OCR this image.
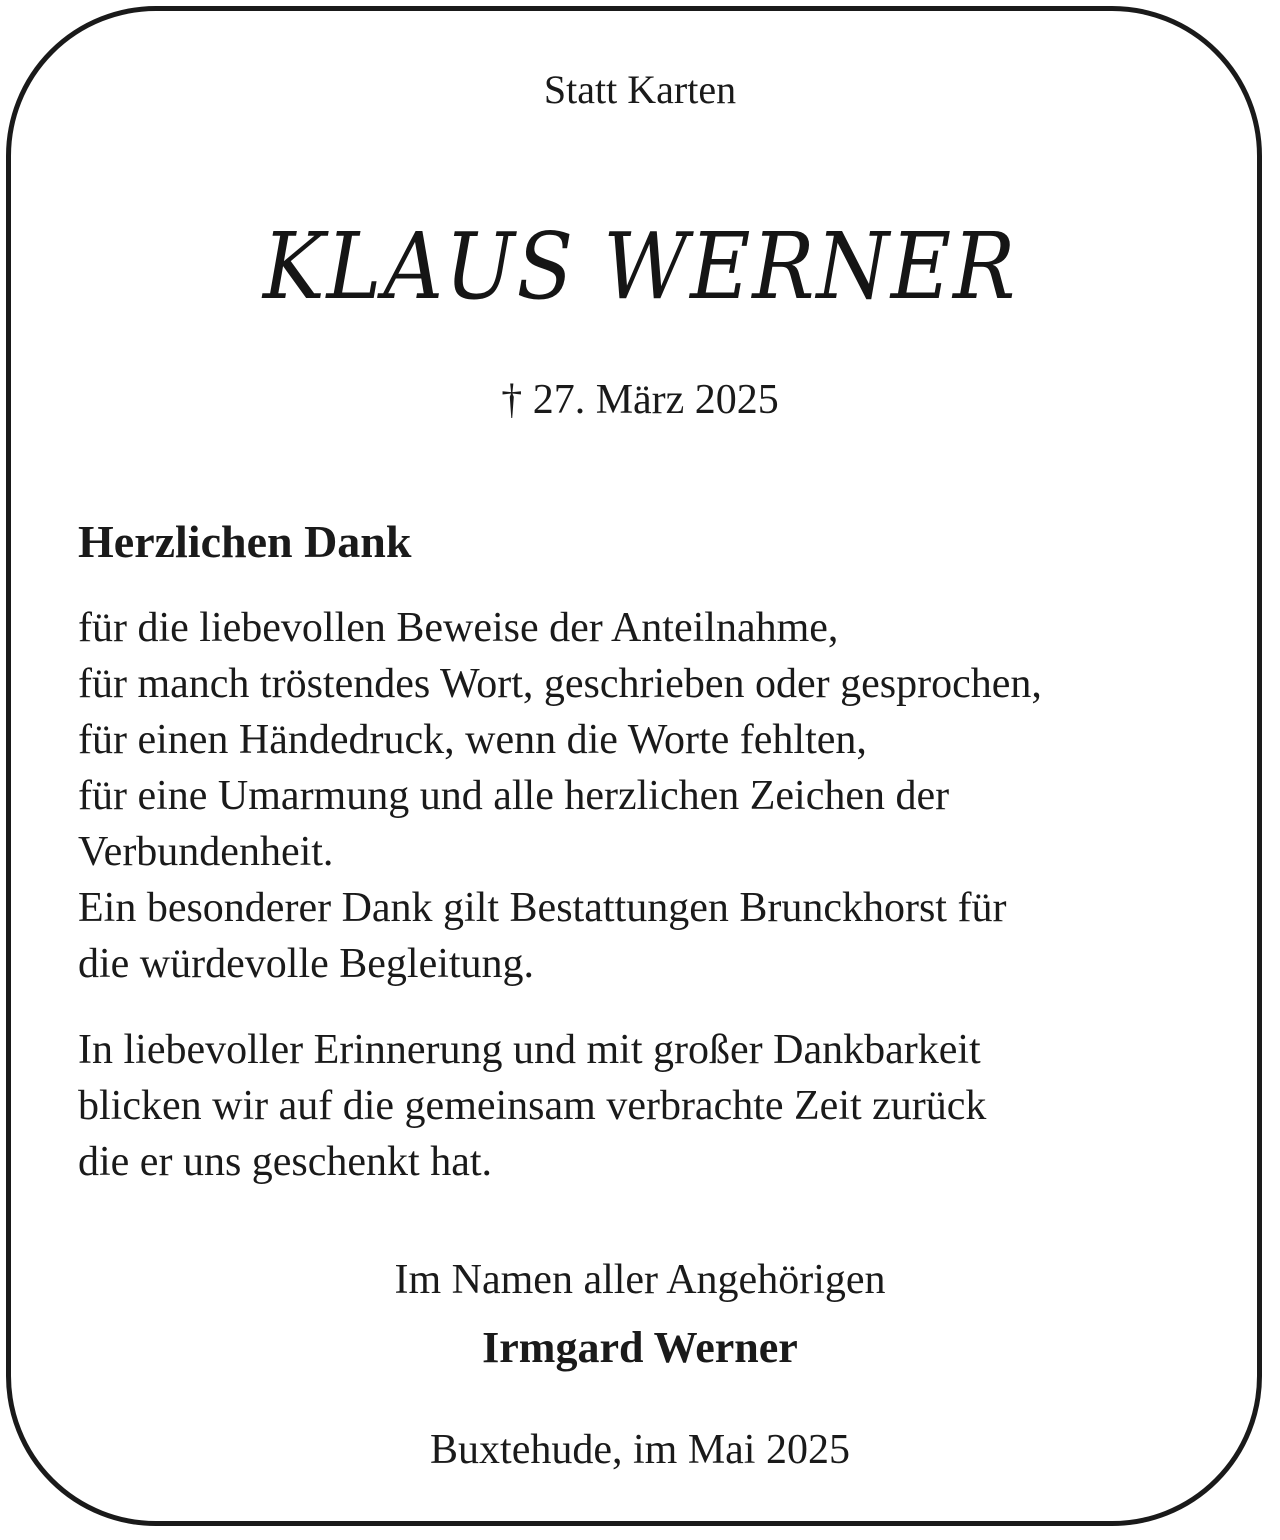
Statt Karten

KLAUS WERNER

† 27. März 2025

Herzlichen Dank
für die liebevollen Beweise der Anteilnahme,
für manch tröstendes Wort, geschrieben oder gesprochen,
für einen Händedruck, wenn die Worte fehlten,
für eine Umarmung und alle herzlichen Zeichen der
Verbundenheit.
Ein besonderer Dank gilt Bestattungen Brunckhorst für
die würdevolle Begleitung.
In liebevoller Erinnerung und mit großer Dankbarkeit
blicken wir auf die gemeinsam verbrachte Zeit zurück
die er uns geschenkt hat.

Im Namen aller Angehörigen

Irmgard Werner

Buxtehude, im Mai 2025
